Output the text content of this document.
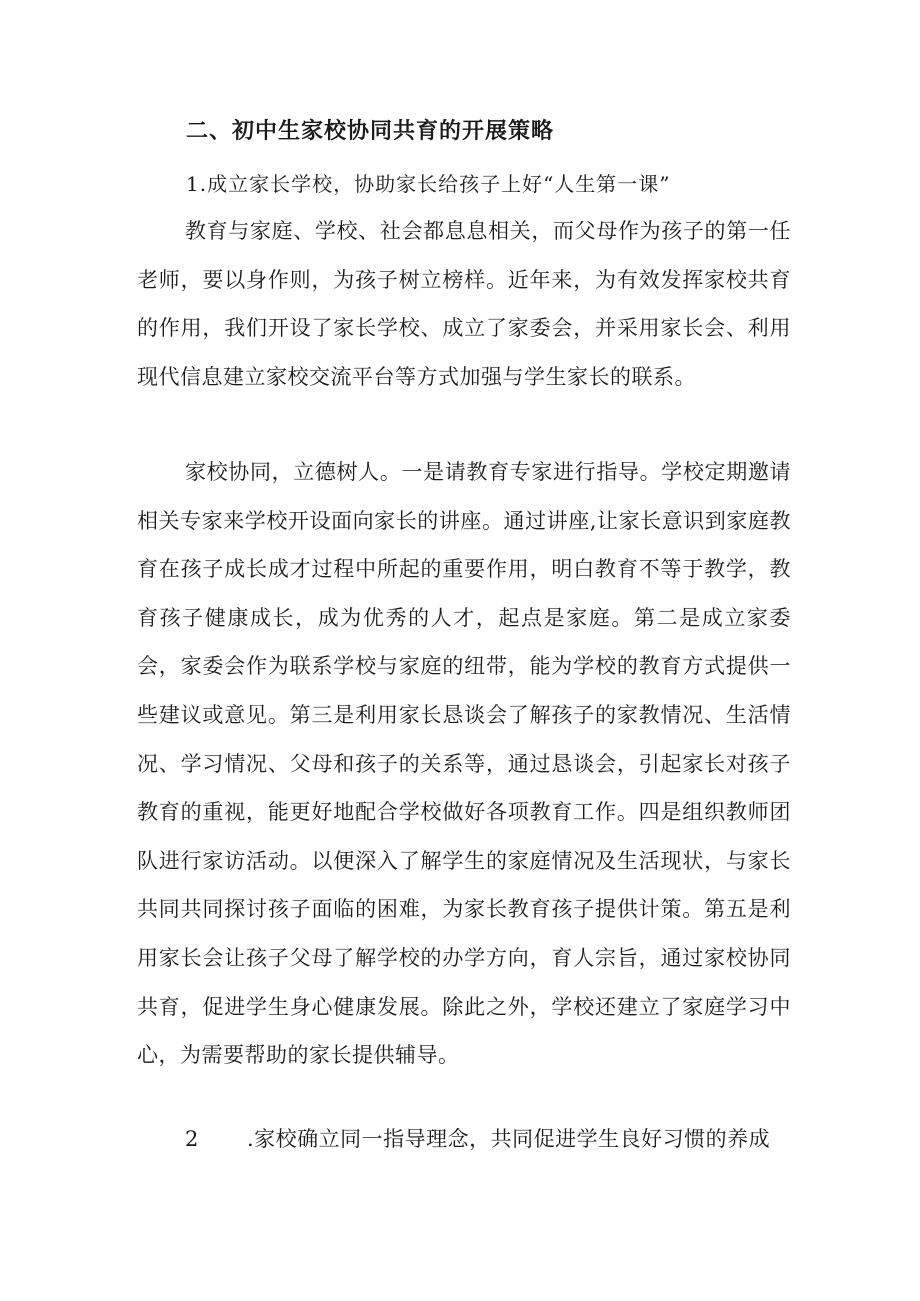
二、初中生家校协同共育的开展策略
1.成立家长学校，协助家长给孩子上好“人生第一课”

教育与家庭、学校、社会都息息相关，而父母作为孩子的第一任老师，要以身作则，为孩子树立榜样。近年来，为有效发挥家校共育的作用，我们开设了家长学校、成立了家委会，并采用家长会、利用现代信息建立家校交流平台等方式加强与学生家长的联系。

家校协同，立德树人。一是请教育专家进行指导。学校定期邀请相关专家来学校开设面向家长的讲座。通过讲座,让家长意识到家庭教育在孩子成长成才过程中所起的重要作用，明白教育不等于教学，教育孩子健康成长，成为优秀的人才，起点是家庭。第二是成立家委会，家委会作为联系学校与家庭的纽带，能为学校的教育方式提供一些建议或意见。第三是利用家长恳谈会了解孩子的家教情况、生活情况、学习情况、父母和孩子的关系等，通过恳谈会，引起家长对孩子教育的重视，能更好地配合学校做好各项教育工作。四是组织教师团队进行家访活动。以便深入了解学生的家庭情况及生活现状，与家长共同共同探讨孩子面临的困难，为家长教育孩子提供计策。第五是利用家长会让孩子父母了解学校的办学方向，育人宗旨，通过家校协同共育，促进学生身心健康发展。除此之外，学校还建立了家庭学习中心，为需要帮助的家长提供辅导。

2 .家校确立同一指导理念，共同促进学生良好习惯的养成
